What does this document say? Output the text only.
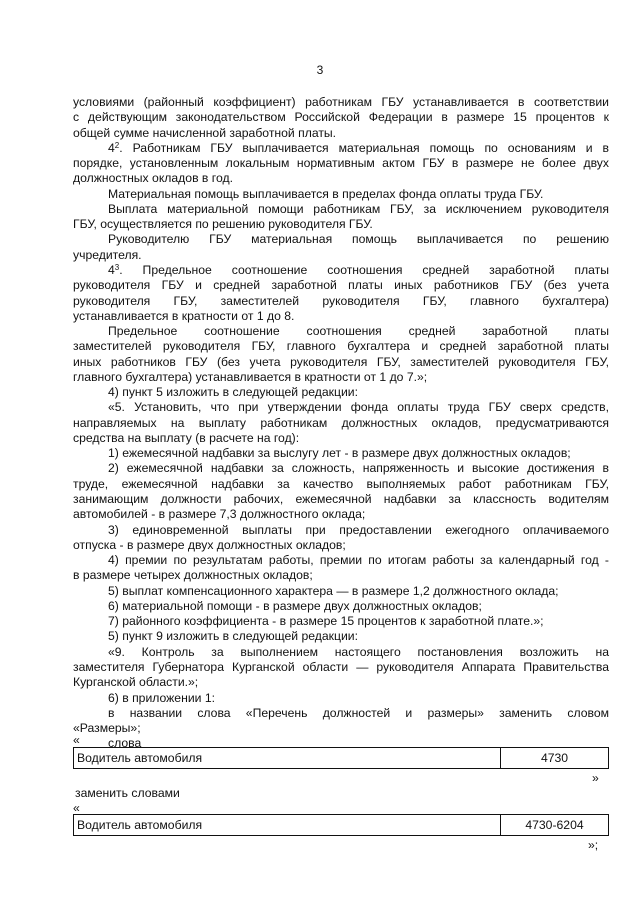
3
условиями (районный коэффициент) работникам ГБУ устанавливается в соответствии
с действующим законодательством Российской Федерации в размере 15 процентов к
общей сумме начисленной заработной платы.
$4^2$. Работникам ГБУ выплачивается материальная помощь по основаниям и в
порядке, установленным локальным нормативным актом ГБУ в размере не более двух
должностных окладов в год.
Материальная помощь выплачивается в пределах фонда оплаты труда ГБУ.
Выплата материальной помощи работникам ГБУ, за исключением руководителя
ГБУ, осуществляется по решению руководителя ГБУ.
Руководителю ГБУ материальная помощь выплачивается по решению
учредителя.
$4^3$. Предельное соотношение соотношения средней заработной платы
руководителя ГБУ и средней заработной платы иных работников ГБУ (без учета
руководителя ГБУ, заместителей руководителя ГБУ, главного бухгалтера)
устанавливается в кратности от 1 до 8.
Предельное соотношение соотношения средней заработной платы
заместителей руководителя ГБУ, главного бухгалтера и средней заработной платы
иных работников ГБУ (без учета руководителя ГБУ, заместителей руководителя ГБУ,
главного бухгалтера) устанавливается в кратности от 1 до 7.»;
4) пункт 5 изложить в следующей редакции:
«5. Установить, что при утверждении фонда оплаты труда ГБУ сверх средств,
направляемых на выплату работникам должностных окладов, предусматриваются
средства на выплату (в расчете на год):
1) ежемесячной надбавки за выслугу лет - в размере двух должностных окладов;
2) ежемесячной надбавки за сложность, напряженность и высокие достижения в
труде, ежемесячной надбавки за качество выполняемых работ работникам ГБУ,
занимающим должности рабочих, ежемесячной надбавки за классность водителям
автомобилей - в размере 7,3 должностного оклада;
3) единовременной выплаты при предоставлении ежегодного оплачиваемого
отпуска - в размере двух должностных окладов;
4) премии по результатам работы, премии по итогам работы за календарный год -
в размере четырех должностных окладов;
5) выплат компенсационного характера — в размере 1,2 должностного оклада;
6) материальной помощи - в размере двух должностных окладов;
7) районного коэффициента - в размере 15 процентов к заработной плате.»;
5) пункт 9 изложить в следующей редакции:
«9. Контроль за выполнением настоящего постановления возложить на
заместителя Губернатора Курганской области — руководителя Аппарата Правительства
Курганской области.»;
6) в приложении 1:
в названии слова «Перечень должностей и размеры» заменить словом
«Размеры»;
слова
«
Водитель автомобиля	4730
»
заменить словами
«
Водитель автомобиля	4730-6204
»;
